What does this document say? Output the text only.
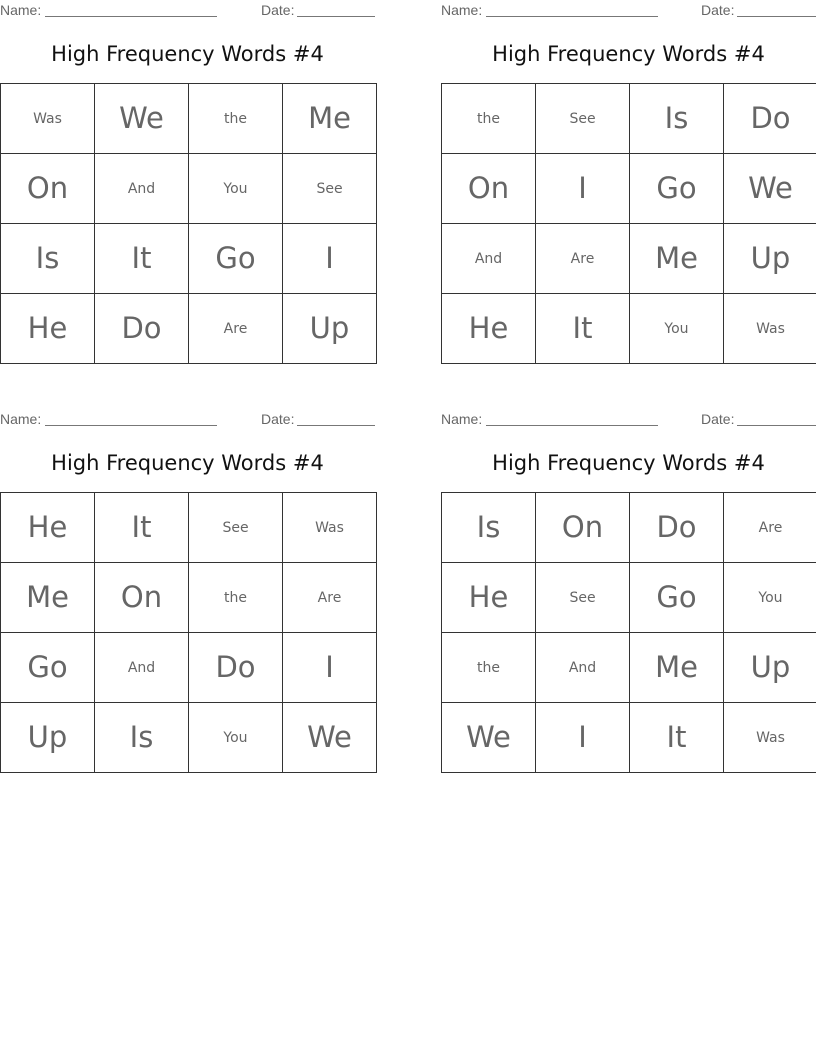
Name:	Date:
High Frequency Words #4
Was	We	the	Me
On	And	You	See
Is	It	Go	I
He	Do	Are	Up
Name:	Date:
High Frequency Words #4
the	See	Is	Do
On	I	Go	We
And	Are	Me	Up
He	It	You	Was
Name:	Date:
High Frequency Words #4
He	It	See	Was
Me	On	the	Are
Go	And	Do	I
Up	Is	You	We
Name:	Date:
High Frequency Words #4
Is	On	Do	Are
He	See	Go	You
the	And	Me	Up
We	I	It	Was
